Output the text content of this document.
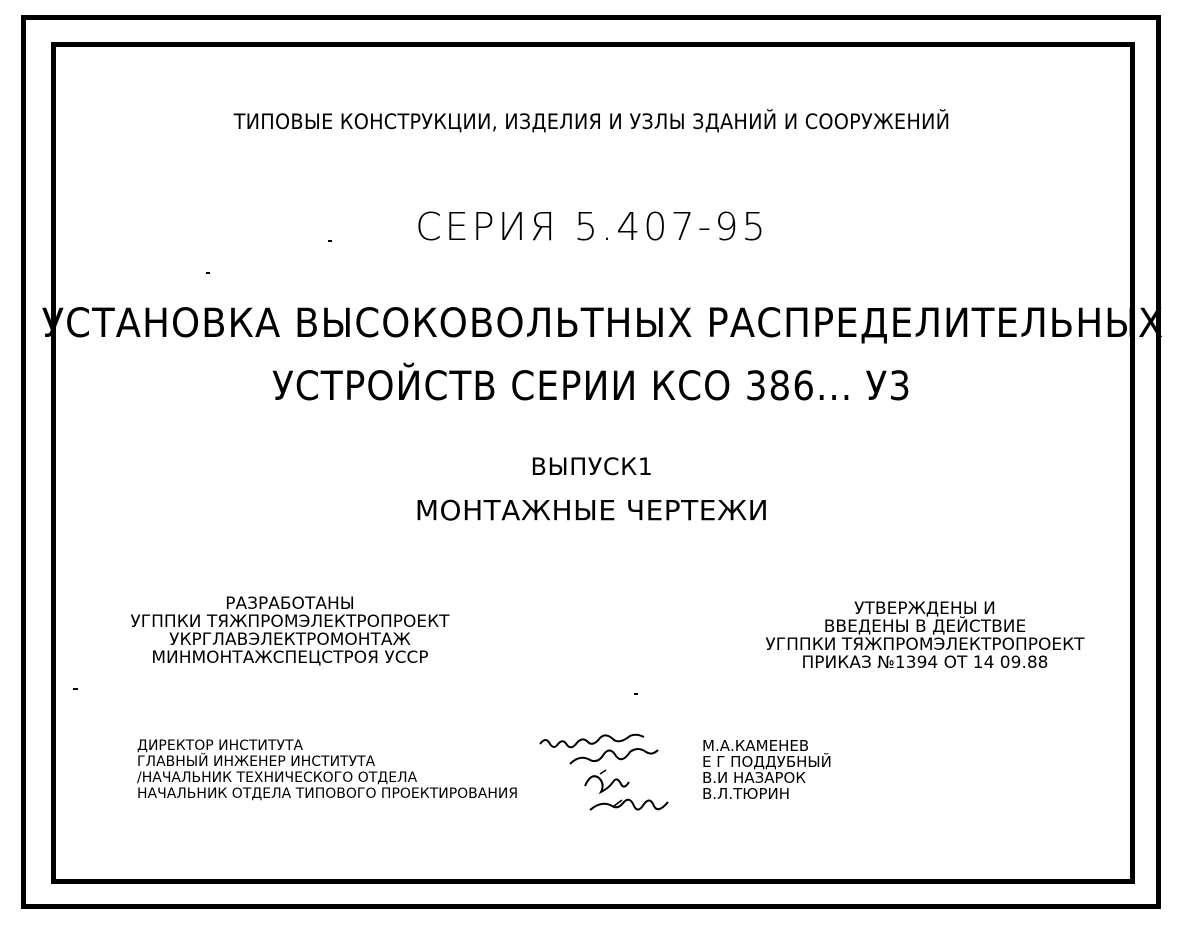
ТИПОВЫЕ КОНСТРУКЦИИ, ИЗДЕЛИЯ И УЗЛЫ ЗДАНИЙ И СООРУЖЕНИЙ
СЕРИЯ 5.407-95
УСТАНОВКА ВЫСОКОВОЛЬТНЫХ РАСПРЕДЕЛИТЕЛЬНЫХ
УСТРОЙСТВ СЕРИИ КСО 386... У3
ВЫПУСК1
МОНТАЖНЫЕ ЧЕРТЕЖИ
РАЗРАБОТАНЫ
УГППКИ ТЯЖПРОМЭЛЕКТРОПРОЕКТ
УКРГЛАВЭЛЕКТРОМОНТАЖ
МИНМОНТАЖСПЕЦСТРОЯ УССР
УТВЕРЖДЕНЫ И
ВВЕДЕНЫ В ДЕЙСТВИЕ
УГППКИ ТЯЖПРОМЭЛЕКТРОПРОЕКТ
ПРИКАЗ №1394 ОТ 14 09.88
ДИРЕКТОР ИНСТИТУТА
ГЛАВНЫЙ ИНЖЕНЕР ИНСТИТУТА
/НАЧАЛЬНИК ТЕХНИЧЕСКОГО ОТДЕЛА
НАЧАЛЬНИК ОТДЕЛА ТИПОВОГО ПРОЕКТИРОВАНИЯ
М.А.КАМЕНЕВ
Е Г ПОДДУБНЫЙ
В.И НАЗАРОК
В.Л.ТЮРИН
